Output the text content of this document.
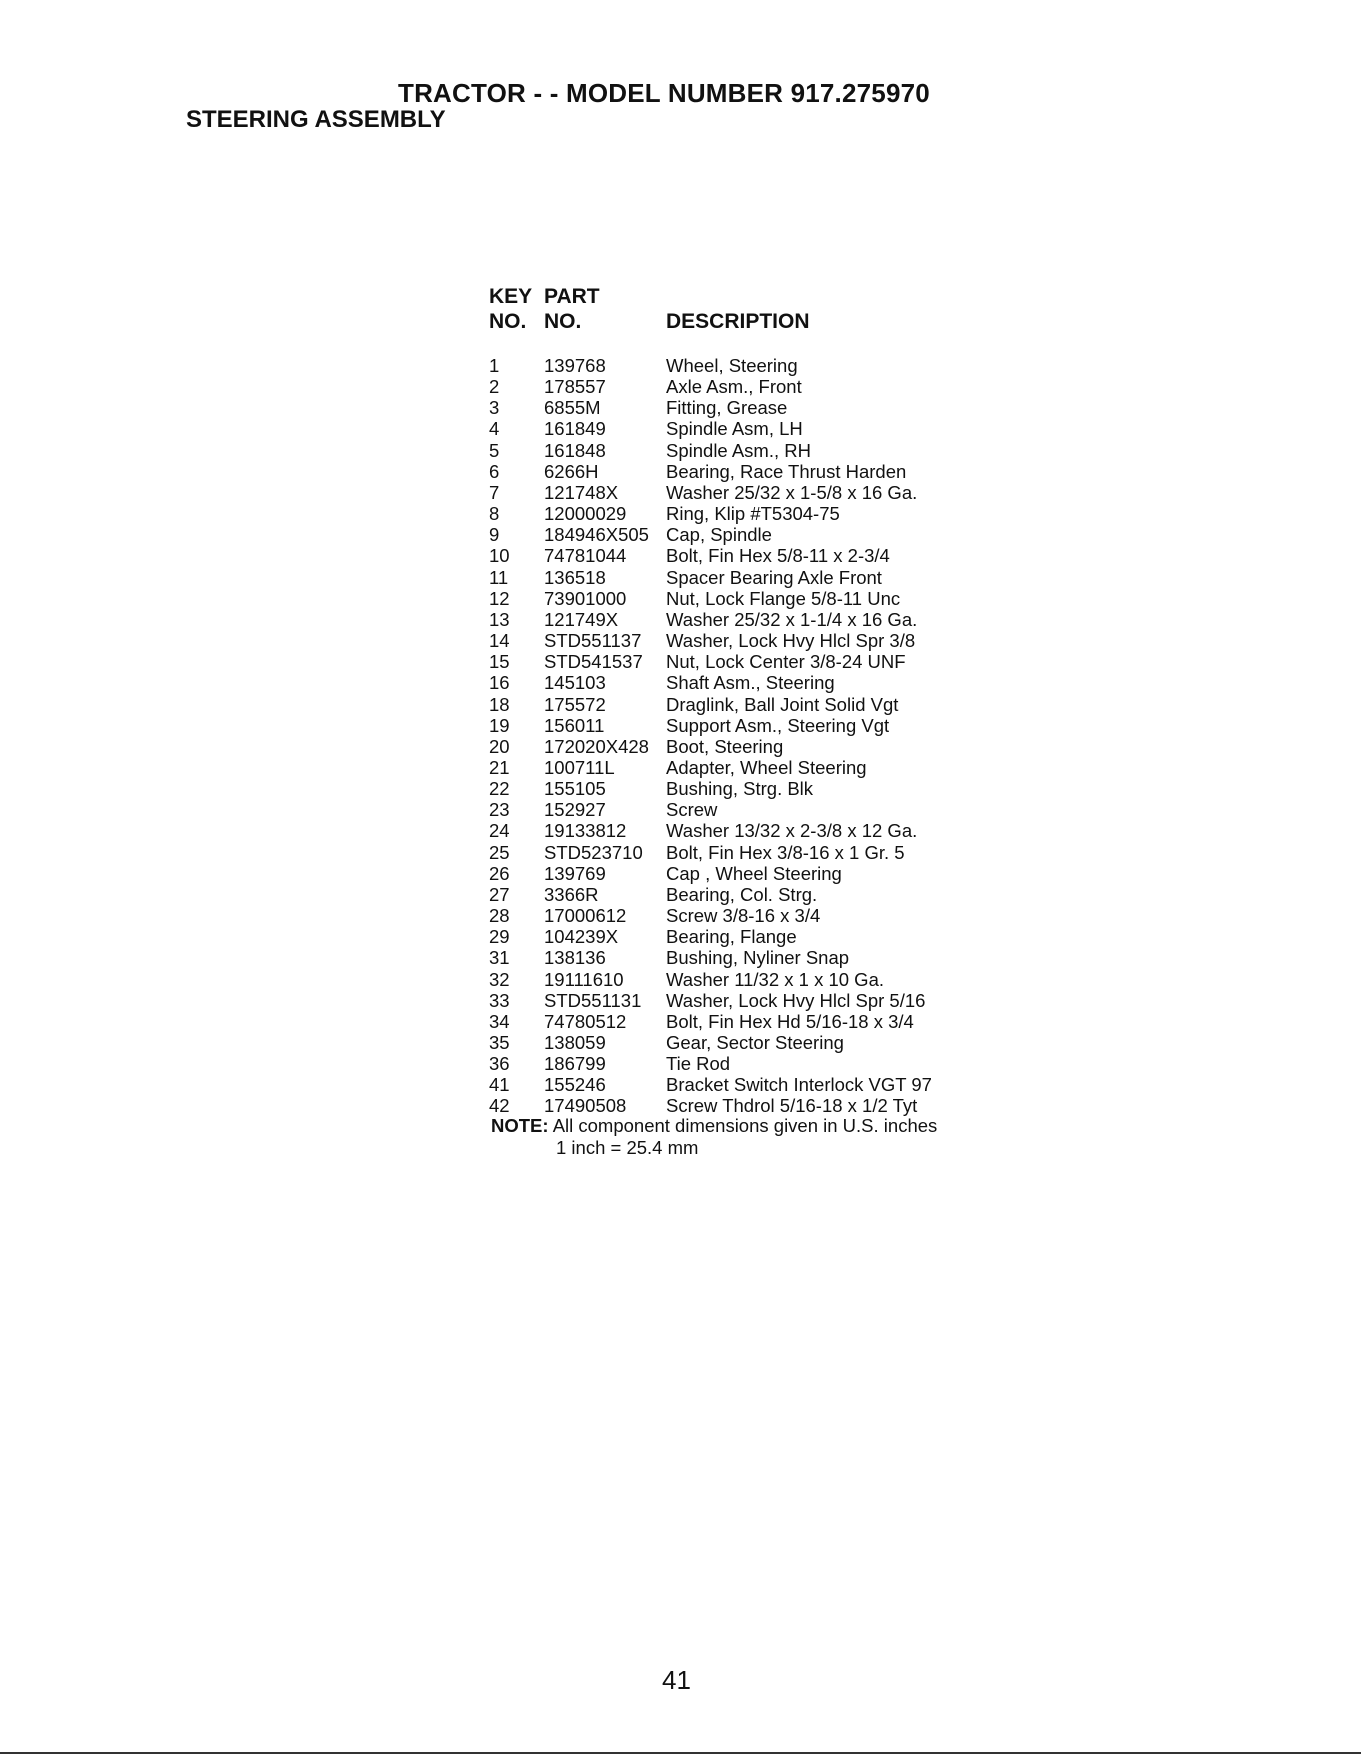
TRACTOR - - MODEL NUMBER 917.275970
STEERING ASSEMBLY
KEY PART
NO. NO.	DESCRIPTION
1 139768	Wheel, Steering
2 178557	Axle Asm., Front
3 6855M	Fitting, Grease
4 161849	Spindle Asm, LH
5 161848	Spindle Asm., RH
6 6266H	Bearing, Race Thrust Harden
7 121748X	Washer 25/32 x 1-5/8 x 16 Ga.
8 12000029 Ring, Klip #T5304-75
9 184946X505 Cap, Spindle
10 74781044 Bolt, Fin Hex 5/8-11 x 2-3/4
11 136518	Spacer Bearing Axle Front
12 73901000 Nut, Lock Flange 5/8-11 Unc
13 121749X	Washer 25/32 x 1-1/4 x 16 Ga.
14 STD551137 Washer, Lock Hvy Hlcl Spr 3/8
15 STD541537 Nut, Lock Center 3/8-24 UNF
16 145103	Shaft Asm., Steering
18 175572	Draglink, Ball Joint Solid Vgt
19 156011	Support Asm., Steering Vgt
20 172020X428 Boot, Steering
21 100711L	Adapter, Wheel Steering
22 155105	Bushing, Strg. Blk
23 152927	Screw
24 19133812 Washer 13/32 x 2-3/8 x 12 Ga.
25 STD523710 Bolt, Fin Hex 3/8-16 x 1 Gr. 5
26 139769	Cap , Wheel Steering
27 3366R	Bearing, Col. Strg.
28 17000612 Screw 3/8-16 x 3/4
29 104239X	Bearing, Flange
31 138136	Bushing, Nyliner Snap
32 19111610 Washer 11/32 x 1 x 10 Ga.
33 STD551131 Washer, Lock Hvy Hlcl Spr 5/16
34 74780512 Bolt, Fin Hex Hd 5/16-18 x 3/4
35 138059	Gear, Sector Steering
36 186799	Tie Rod
41 155246	Bracket Switch Interlock VGT 97
42 17490508 Screw Thdrol 5/16-18 x 1/2 Tyt
NOTE: All component dimensions given in U.S. inches
1 inch = 25.4 mm
41
